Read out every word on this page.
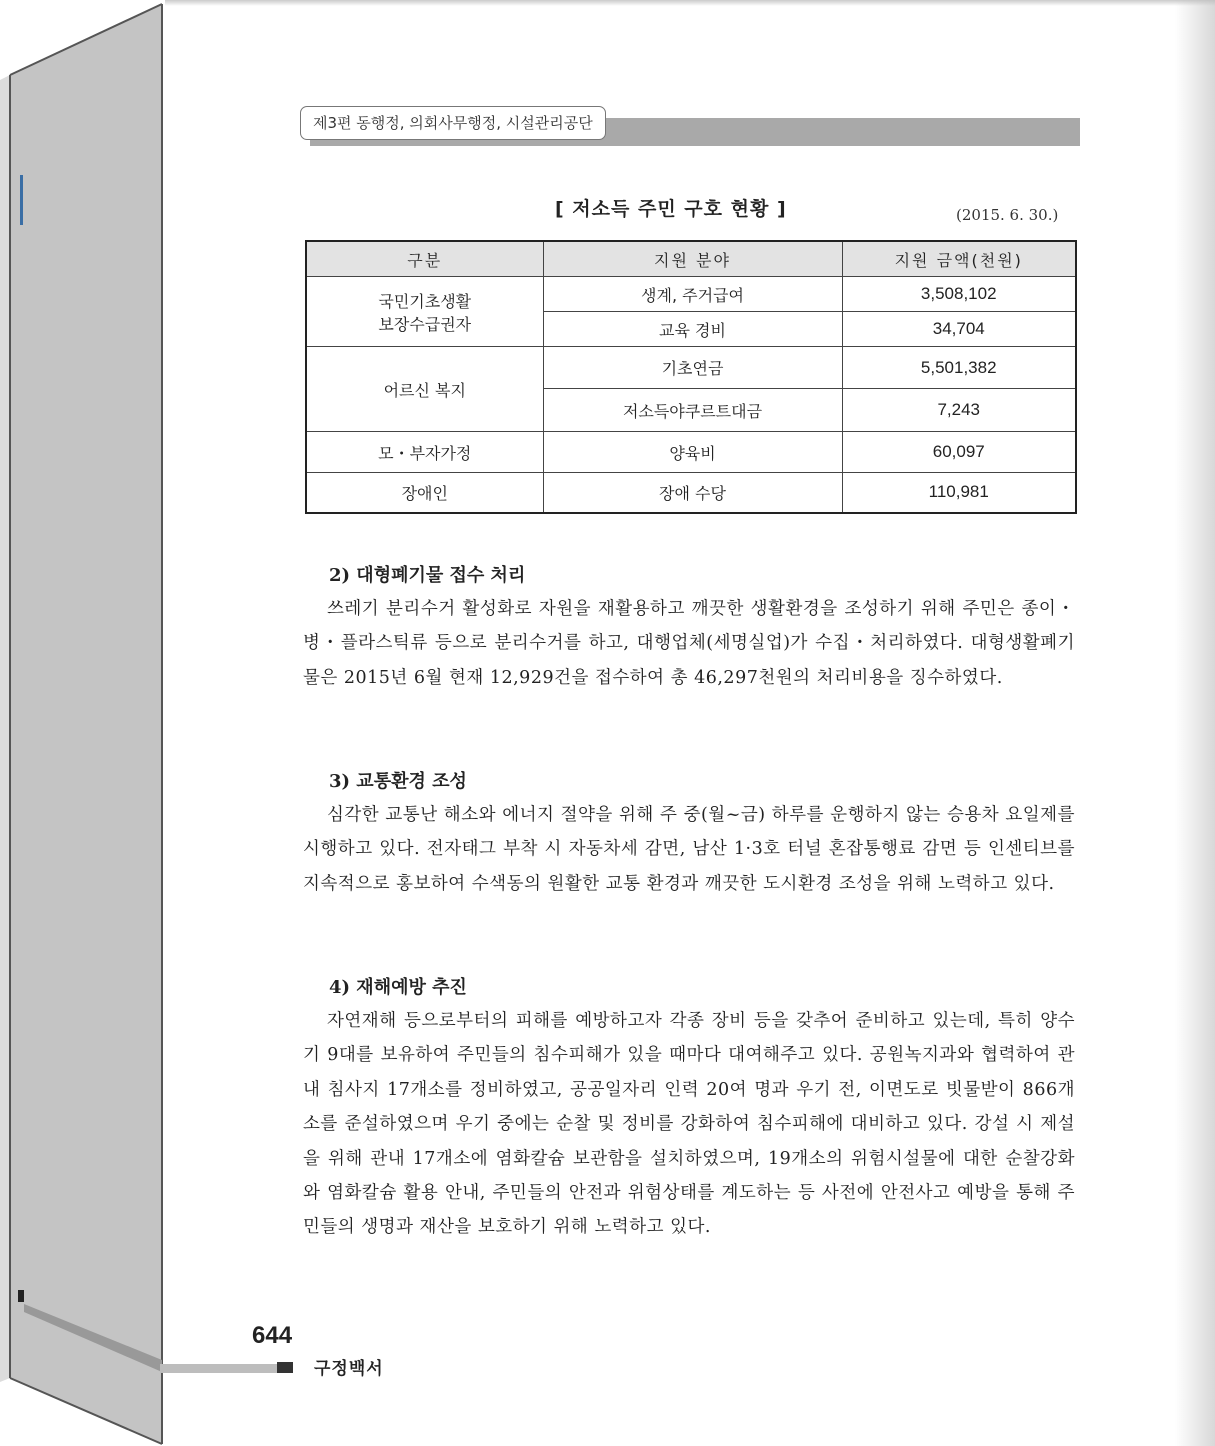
제3편 동행정, 의회사무행정, 시설관리공단
[ 저소득 주민 구호 현황 ]	(2015. 6. 30.)
구분	지원 분야	지원 금액(천원)

국민기초생활
보장수급권자	생계, 주거급여	3,508,102
	교육 경비	34,704
어르신 복지	기초연금	5,501,382
	저소득야쿠르트대금	7,243
모・부자가정	양육비	60,097
장애인	장애 수당	110,981
2) 대형폐기물 접수 처리

쓰레기 분리수거 활성화로 자원을 재활용하고 깨끗한 생활환경을 조성하기 위해 주민은 종이・병・플라스틱류 등으로 분리수거를 하고, 대행업체(세명실업)가 수집・처리하였다. 대형생활폐기물은 2015년 6월 현재 12,929건을 접수하여 총 46,297천원의 처리비용을 징수하였다.

3) 교통환경 조성

심각한 교통난 해소와 에너지 절약을 위해 주 중(월~금) 하루를 운행하지 않는 승용차 요일제를 시행하고 있다. 전자태그 부착 시 자동차세 감면, 남산 1·3호 터널 혼잡통행료 감면 등 인센티브를 지속적으로 홍보하여 수색동의 원활한 교통 환경과 깨끗한 도시환경 조성을 위해 노력하고 있다.

4) 재해예방 추진

자연재해 등으로부터의 피해를 예방하고자 각종 장비 등을 갖추어 준비하고 있는데, 특히 양수기 9대를 보유하여 주민들의 침수피해가 있을 때마다 대여해주고 있다. 공원녹지과와 협력하여 관내 침사지 17개소를 정비하였고, 공공일자리 인력 20여 명과 우기 전, 이면도로 빗물받이 866개소를 준설하였으며 우기 중에는 순찰 및 정비를 강화하여 침수피해에 대비하고 있다. 강설 시 제설을 위해 관내 17개소에 염화칼슘 보관함을 설치하였으며, 19개소의 위험시설물에 대한 순찰강화와 염화칼슘 활용 안내, 주민들의 안전과 위험상태를 계도하는 등 사전에 안전사고 예방을 통해 주민들의 생명과 재산을 보호하기 위해 노력하고 있다.

644
구정백서
